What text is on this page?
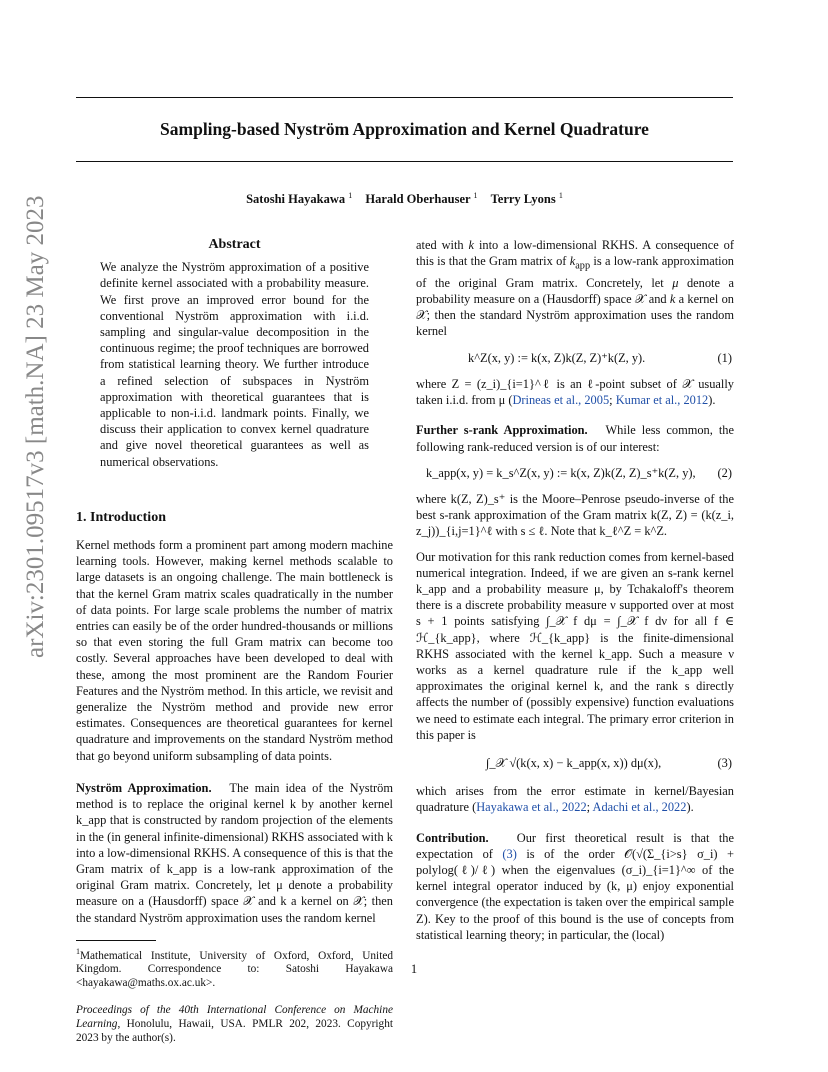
Sampling-based Nyström Approximation and Kernel Quadrature
Satoshi Hayakawa $^1$ Harald Oberhauser $^1$ Terry Lyons $^1$
arXiv:2301.09517v3 [math.NA] 23 May 2023	Abstract

We analyze the Nyström approximation of a positive definite kernel associated with a probability measure. We first prove an improved error bound for the conventional Nyström approximation with i.i.d. sampling and singular-value decomposition in the continuous regime; the proof techniques are borrowed from statistical learning theory. We further introduce a refined selection of subspaces in Nyström approximation with theoretical guarantees that is applicable to non-i.i.d. landmark points. Finally, we discuss their application to convex kernel quadrature and give novel theoretical guarantees as well as numerical observations.

1. Introduction

Kernel methods form a prominent part among modern machine learning tools. However, making kernel methods scalable to large datasets is an ongoing challenge. The main bottleneck is that the kernel Gram matrix scales quadratically in the number of data points. For large scale problems the number of matrix entries can easily be of the order hundred-thousands or millions so that even storing the full Gram matrix can become too costly. Several approaches have been developed to deal with these, among the most prominent are the Random Fourier Features and the Nyström method. In this article, we revisit and generalize the Nyström method and provide new error estimates. Consequences are theoretical guarantees for kernel quadrature and improvements on the standard Nyström method that go beyond uniform subsampling of data points.

Nyström Approximation. The main idea of the Nyström method is to replace the original kernel k by another kernel k_app that is constructed by random projection of the elements in the (in general infinite-dimensional) RKHS associated with k into a low-dimensional RKHS. A consequence of this is that the Gram matrix of k_app is a low-rank approximation of the original Gram matrix. Concretely, let μ denote a probability measure on a (Hausdorff) space 𝒳 and k a kernel on 𝒳; then the standard Nyström approximation uses the random kernel

$^1$Mathematical Institute, University of Oxford, Oxford, United Kingdom. Correspondence to: Satoshi Hayakawa <hayakawa@maths.ox.ac.uk>.

Proceedings of the 40th International Conference on Machine Learning, Honolulu, Hawaii, USA. PMLR 202, 2023. Copyright 2023 by the author(s).

ated with k into a low-dimensional RKHS. A consequence of this is that the Gram matrix of $k_{app}$ is a low-rank approximation of the original Gram matrix. Concretely, let μ denote a probability measure on a (Hausdorff) space 𝒳 and k a kernel on 𝒳; then the standard Nyström approximation uses the random kernel

k^Z(x, y) := k(x, Z)k(Z, Z)⁺k(Z, y).	(1)

where Z = (z_i)_{i=1}^ℓ is an ℓ-point subset of 𝒳 usually taken i.i.d. from μ (Drineas et al., 2005; Kumar et al., 2012).

Further s-rank Approximation. While less common, the following rank-reduced version is of our interest:

k_app(x, y) = k_s^Z(x, y) := k(x, Z)k(Z, Z)_s⁺k(Z, y), (2)

where k(Z, Z)_s⁺ is the Moore–Penrose pseudo-inverse of the best s-rank approximation of the Gram matrix k(Z, Z) = (k(z_i, z_j))_{i,j=1}^ℓ with s ≤ ℓ. Note that k_ℓ^Z = k^Z.

Our motivation for this rank reduction comes from kernel-based numerical integration. Indeed, if we are given an s-rank kernel k_app and a probability measure μ, by Tchakaloff's theorem there is a discrete probability measure ν supported over at most s + 1 points satisfying ∫_𝒳 f dμ = ∫_𝒳 f dν for all f ∈ ℋ_{k_app}, where ℋ_{k_app} is the finite-dimensional RKHS associated with the kernel k_app. Such a measure ν works as a kernel quadrature rule if the k_app well approximates the original kernel k, and the rank s directly affects the number of (possibly expensive) function evaluations we need to estimate each integral. The primary error criterion in this paper is

∫_𝒳 √(k(x, x) − k_app(x, x)) dμ(x),	(3)

which arises from the error estimate in kernel/Bayesian quadrature (Hayakawa et al., 2022; Adachi et al., 2022).

Contribution. Our first theoretical result is that the expectation of (3) is of the order 𝒪(√(Σ_{i>s} σ_i) + polylog(ℓ)/ℓ) when the eigenvalues (σ_i)_{i=1}^∞ of the kernel integral operator induced by (k, μ) enjoy exponential convergence (the expectation is taken over the empirical sample Z). Key to the proof of this bound is the use of concepts from statistical learning theory; in particular, the (local)

1
